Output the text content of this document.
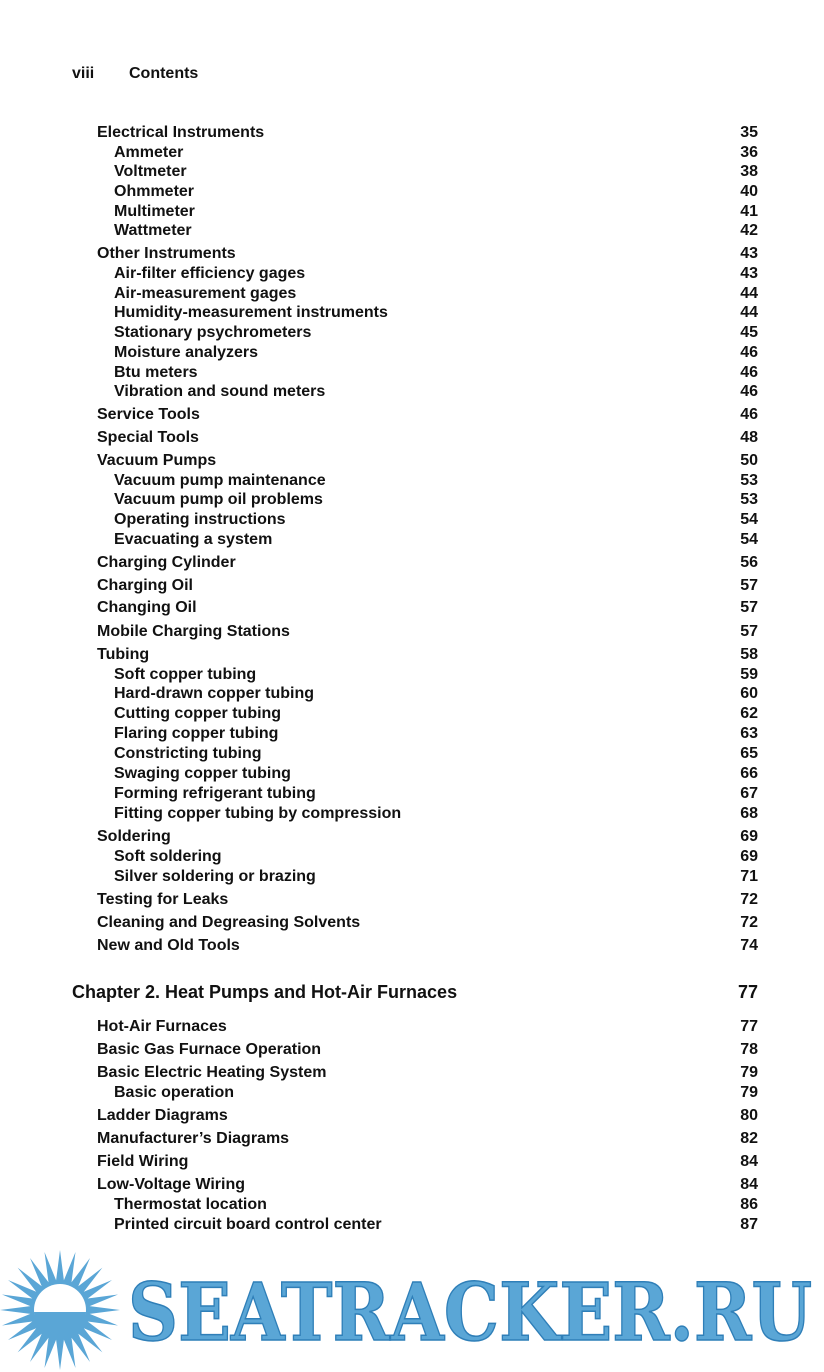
viii Contents
Electrical Instruments	35
Ammeter	36
Voltmeter	38
Ohmmeter	40
Multimeter	41
Wattmeter	42
Other Instruments	43
Air-filter efficiency gages	43
Air-measurement gages	44
Humidity-measurement instruments	44
Stationary psychrometers	45
Moisture analyzers	46
Btu meters	46
Vibration and sound meters	46
Service Tools	46
Special Tools	48
Vacuum Pumps	50
Vacuum pump maintenance	53
Vacuum pump oil problems	53
Operating instructions	54
Evacuating a system	54
Charging Cylinder	56
Charging Oil	57
Changing Oil	57
Mobile Charging Stations	57
Tubing	58
Soft copper tubing	59
Hard-drawn copper tubing	60
Cutting copper tubing	62
Flaring copper tubing	63
Constricting tubing	65
Swaging copper tubing	66
Forming refrigerant tubing	67
Fitting copper tubing by compression	68
Soldering	69
Soft soldering	69
Silver soldering or brazing	71
Testing for Leaks	72
Cleaning and Degreasing Solvents	72
New and Old Tools	74
Chapter 2. Heat Pumps and Hot-Air Furnaces	77
Hot-Air Furnaces	77
Basic Gas Furnace Operation	78
Basic Electric Heating System	79
Basic operation	79
Ladder Diagrams	80
Manufacturer’s Diagrams	82
Field Wiring	84
Low-Voltage Wiring	84
Thermostat location	86
Printed circuit board control center	87
SEATRACKER.RU
